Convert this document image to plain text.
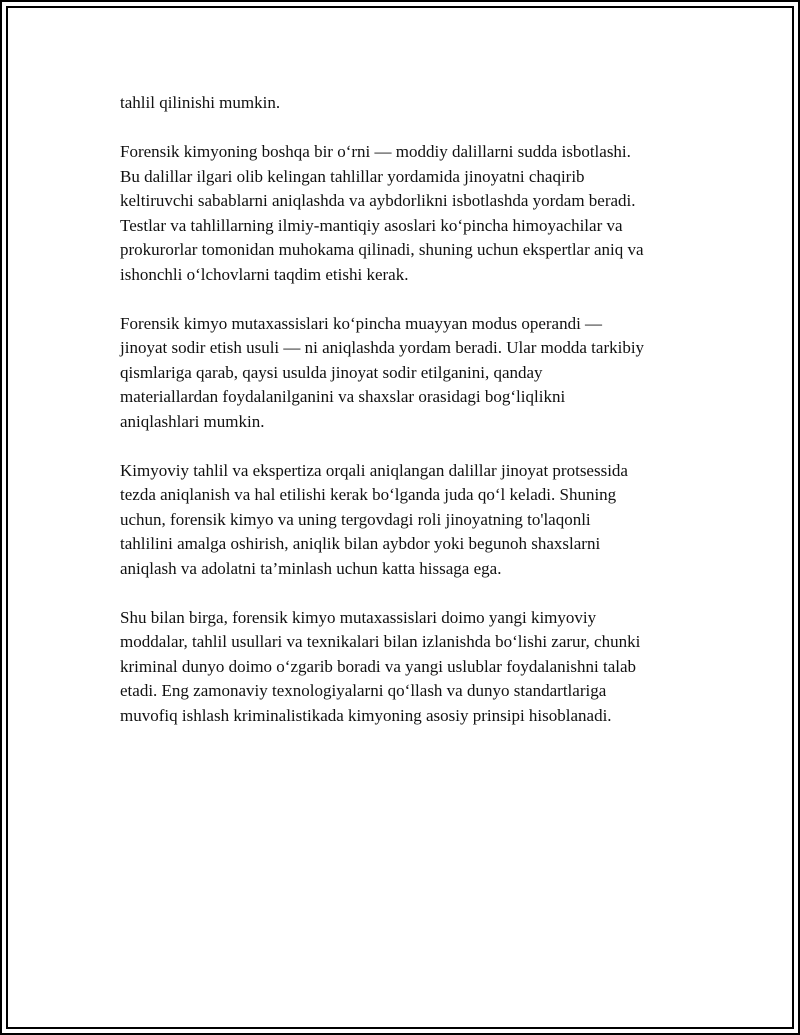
tahlil qilinishi mumkin.

Forensik kimyoning boshqa bir o‘rni — moddiy dalillarni sudda isbotlashi.
Bu dalillar ilgari olib kelingan tahlillar yordamida jinoyatni chaqirib
keltiruvchi sabablarni aniqlashda va aybdorlikni isbotlashda yordam beradi.
Testlar va tahlillarning ilmiy-mantiqiy asoslari ko‘pincha himoyachilar va
prokurorlar tomonidan muhokama qilinadi, shuning uchun ekspertlar aniq va
ishonchli o‘lchovlarni taqdim etishi kerak.

Forensik kimyo mutaxassislari ko‘pincha muayyan modus operandi —
jinoyat sodir etish usuli — ni aniqlashda yordam beradi. Ular modda tarkibiy
qismlariga qarab, qaysi usulda jinoyat sodir etilganini, qanday
materiallardan foydalanilganini va shaxslar orasidagi bog‘liqlikni
aniqlashlari mumkin.

Kimyoviy tahlil va ekspertiza orqali aniqlangan dalillar jinoyat protsessida
tezda aniqlanish va hal etilishi kerak bo‘lganda juda qo‘l keladi. Shuning
uchun, forensik kimyo va uning tergovdagi roli jinoyatning to'laqonli
tahlilini amalga oshirish, aniqlik bilan aybdor yoki begunoh shaxslarni
aniqlash va adolatni ta’minlash uchun katta hissaga ega.

Shu bilan birga, forensik kimyo mutaxassislari doimo yangi kimyoviy
moddalar, tahlil usullari va texnikalari bilan izlanishda bo‘lishi zarur, chunki
kriminal dunyo doimo o‘zgarib boradi va yangi uslublar foydalanishni talab
etadi. Eng zamonaviy texnologiyalarni qo‘llash va dunyo standartlariga
muvofiq ishlash kriminalistikada kimyoning asosiy prinsipi hisoblanadi.
